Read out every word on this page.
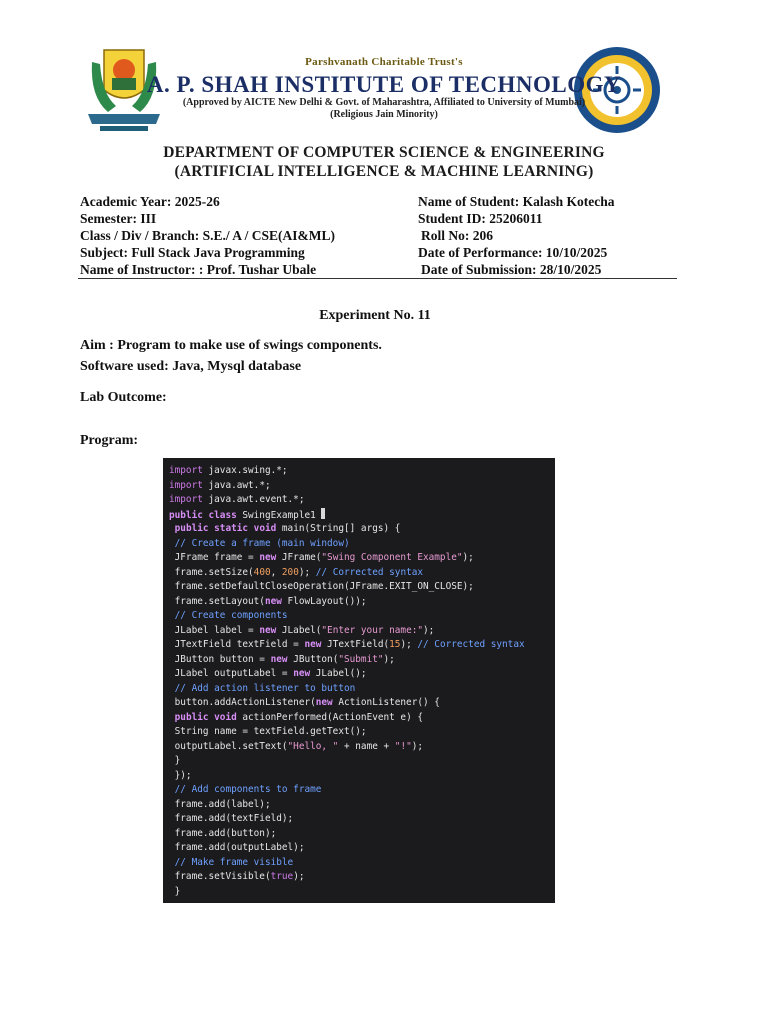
Parshvanath Charitable Trust's
A. P. SHAH INSTITUTE OF TECHNOLOGY
(Approved by AICTE New Delhi & Govt. of Maharashtra, Affiliated to University of Mumbai)
(Religious Jain Minority)
DEPARTMENT OF COMPUTER SCIENCE & ENGINEERING
(ARTIFICIAL INTELLIGENCE & MACHINE LEARNING)
Academic Year: 2025-26
Semester: III
Class / Div / Branch: S.E./ A / CSE(AI&ML)
Subject: Full Stack Java Programming
Name of Instructor: : Prof. Tushar Ubale
Name of Student: Kalash Kotecha
Student ID: 25206011
Roll No: 206
Date of Performance: 10/10/2025
Date of Submission: 28/10/2025
Experiment No. 11
Aim : Program to make use of swings components.
Software used: Java, Mysql database
Lab Outcome:
Program:
import javax.swing.*;
import java.awt.*;
import java.awt.event.*;
public class SwingExample1
public static void main(String[] args) {
// Create a frame (main window)
JFrame frame = new JFrame("Swing Component Example");
frame.setSize(400, 200); // Corrected syntax
frame.setDefaultCloseOperation(JFrame.EXIT_ON_CLOSE);
frame.setLayout(new FlowLayout());
// Create components
JLabel label = new JLabel("Enter your name:");
JTextField textField = new JTextField(15); // Corrected syntax
JButton button = new JButton("Submit");
JLabel outputLabel = new JLabel();
// Add action listener to button
button.addActionListener(new ActionListener() {
public void actionPerformed(ActionEvent e) {
String name = textField.getText();
outputLabel.setText("Hello, " + name + "!");
}
});
// Add components to frame
frame.add(label);
frame.add(textField);
frame.add(button);
frame.add(outputLabel);
// Make frame visible
frame.setVisible(true);
}
